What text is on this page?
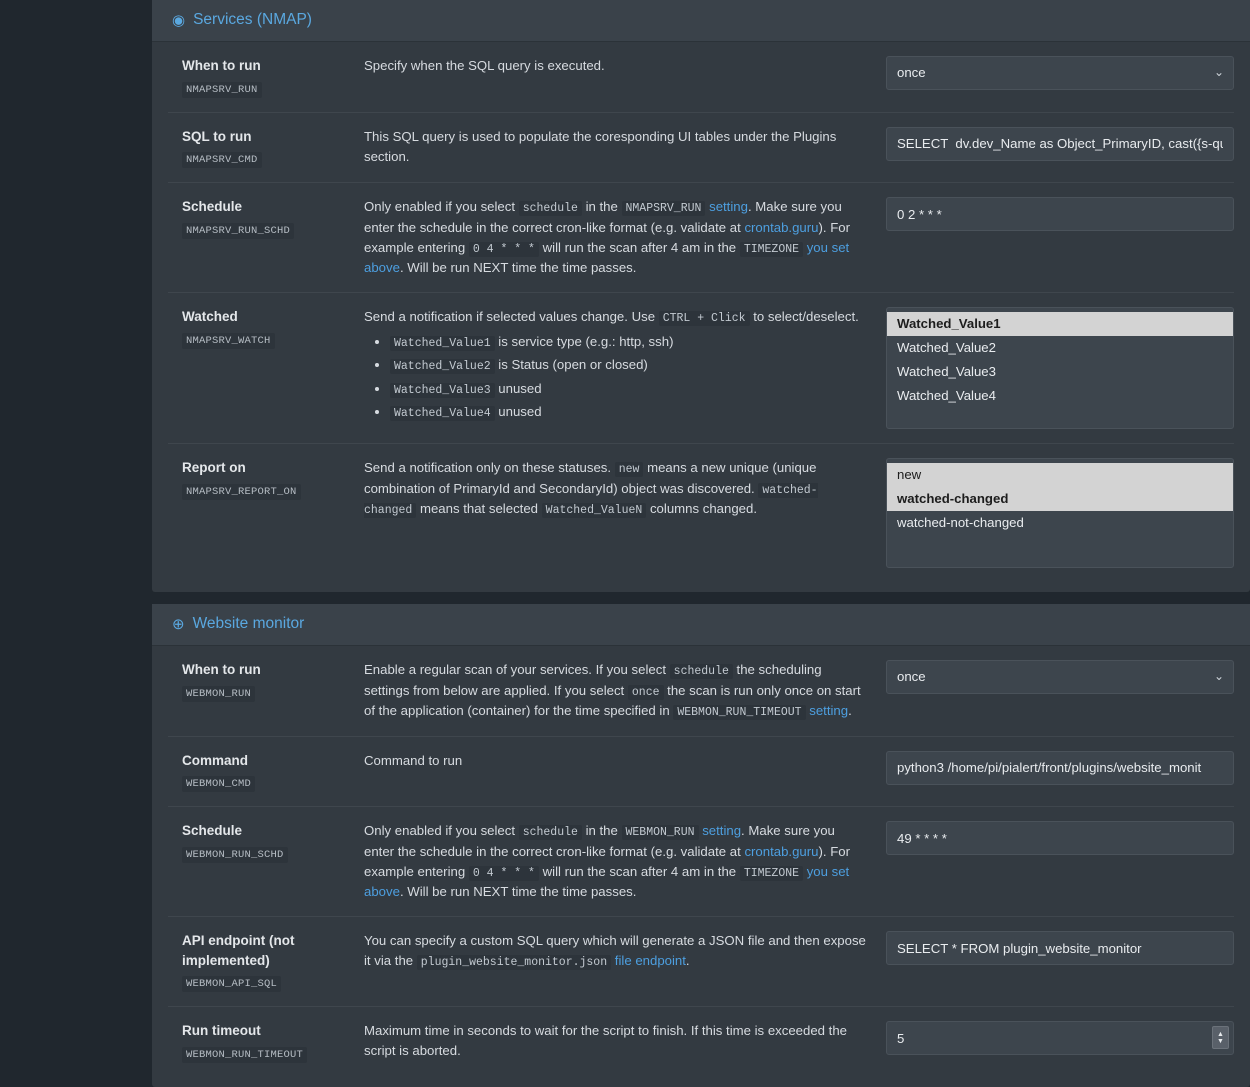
◉ Services (NMAP)
When to run
NMAPSRV_RUN
Specify when the SQL query is executed.	once	⌄
SQL to run
NMAPSRV_CMD
This SQL query is used to populate the coresponding UI tables under the Plugins section.
SELECT dv.dev_Name as Object_PrimaryID, cast({s-quo
Schedule
NMAPSRV_RUN_SCHD
Only enabled if you select schedule in the NMAPSRV_RUN setting. Make sure you enter the schedule in the correct cron-like format (e.g. validate at crontab.guru). For example entering 0 4 * * * will run the scan after 4 am in the TIMEZONE you set above. Will be run NEXT time the time passes.
0 2 * * *
Watched
NMAPSRV_WATCH
Send a notification if selected values change. Use CTRL + Click to select/deselect.
• Watched_Value1 is service type (e.g.: http, ssh)
• Watched_Value2 is Status (open or closed)
• Watched_Value3 unused
• Watched_Value4 unused
Watched_Value1
Watched_Value2
Watched_Value3
Watched_Value4
Report on
NMAPSRV_REPORT_ON
Send a notification only on these statuses. new means a new unique (unique combination of PrimaryId and SecondaryId) object was discovered. watched-changed means that selected Watched_ValueN columns changed.
new
watched-changed
watched-not-changed
⊕ Website monitor
When to run
WEBMON_RUN
Enable a regular scan of your services. If you select schedule the scheduling settings from below are applied. If you select once the scan is run only once on start of the application (container) for the time specified in WEBMON_RUN_TIMEOUT setting.
once	⌄
Command
WEBMON_CMD
Command to run
python3 /home/pi/pialert/front/plugins/website_monit
Schedule
WEBMON_RUN_SCHD
Only enabled if you select schedule in the WEBMON_RUN setting. Make sure you enter the schedule in the correct cron-like format (e.g. validate at crontab.guru). For example entering 0 4 * * * will run the scan after 4 am in the TIMEZONE you set above. Will be run NEXT time the time passes.
49 * * * *
API endpoint (not implemented)
WEBMON_API_SQL
You can specify a custom SQL query which will generate a JSON file and then expose it via the plugin_website_monitor.json file endpoint.
SELECT * FROM plugin_website_monitor
Run timeout
WEBMON_RUN_TIMEOUT
Maximum time in seconds to wait for the script to finish. If this time is exceeded the script is aborted.
5
▲
▼
